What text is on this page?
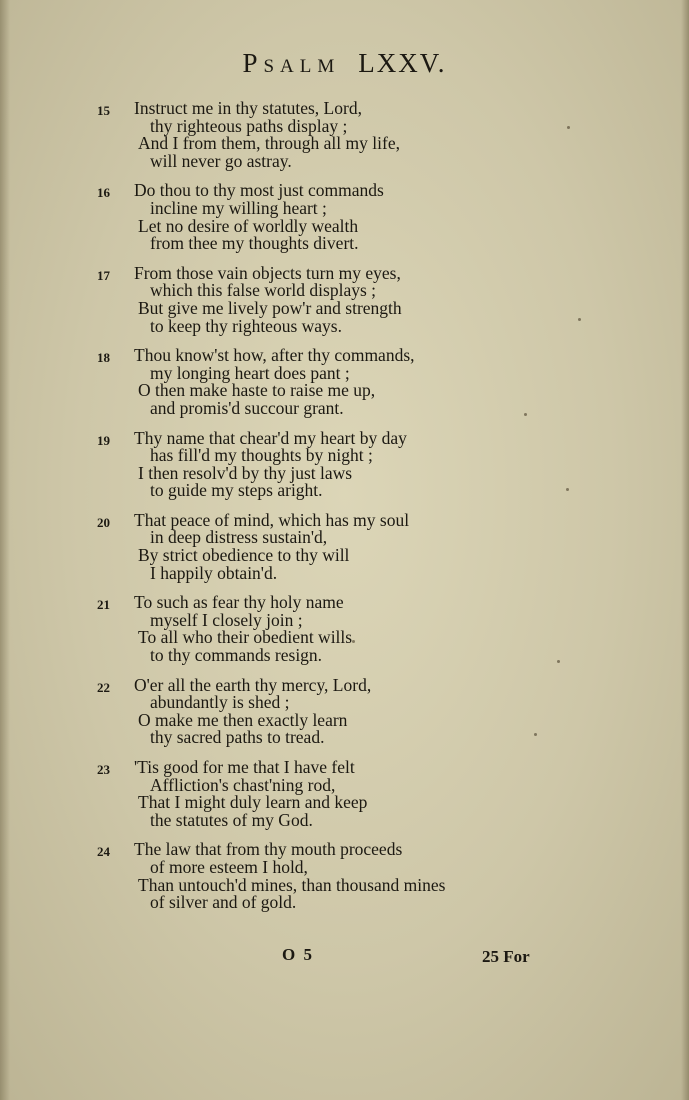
Psalm LXXV.
15	Instruct me in thy statutes, Lord,
thy righteous paths display ;
And I from them, through all my life,
will never go astray.
16	Do thou to thy most just commands
incline my willing heart ;
Let no desire of worldly wealth
from thee my thoughts divert.
17	From those vain objects turn my eyes,
which this false world displays ;
But give me lively pow'r and strength
to keep thy righteous ways.
18	Thou know'st how, after thy commands,
my longing heart does pant ;
O then make haste to raise me up,
and promis'd succour grant.
19	Thy name that chear'd my heart by day
has fill'd my thoughts by night ;
I then resolv'd by thy just laws
to guide my steps aright.
20	That peace of mind, which has my soul
in deep distress sustain'd,
By strict obedience to thy will
I happily obtain'd.
21	To such as fear thy holy name
myself I closely join ;
To all who their obedient wills
to thy commands resign.
22	O'er all the earth thy mercy, Lord,
abundantly is shed ;
O make me then exactly learn
thy sacred paths to tread.
23	'Tis good for me that I have felt
Affliction's chast'ning rod,
That I might duly learn and keep
the statutes of my God.
24	The law that from thy mouth proceeds
of more esteem I hold,
Than untouch'd mines, than thousand mines
of silver and of gold.
O 5	25 For
